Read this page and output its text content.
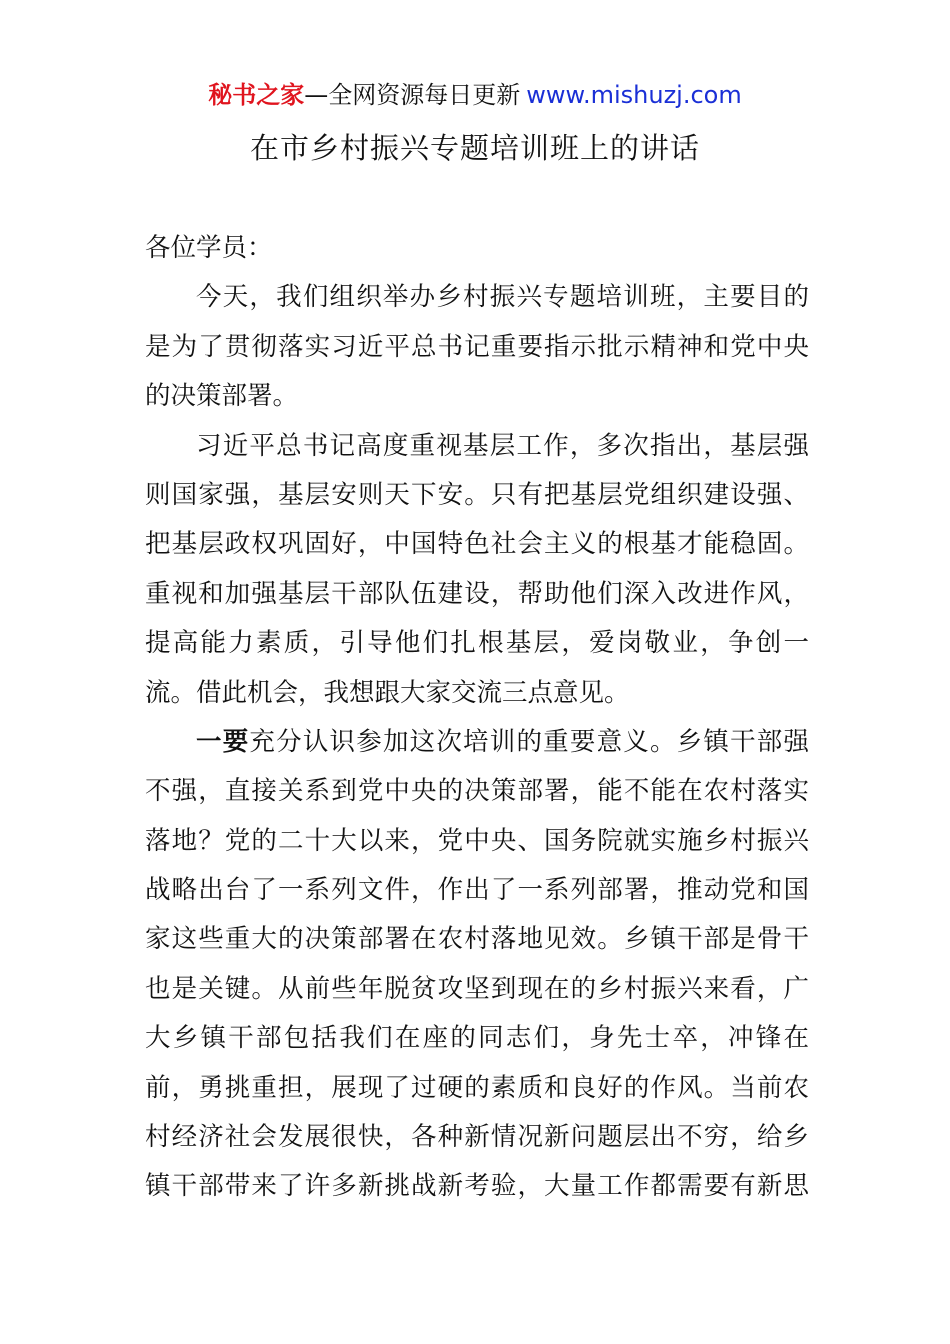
秘书之家—全网资源每日更新 www.mishuzj.com
在市乡村振兴专题培训班上的讲话
各位学员：
今天，我们组织举办乡村振兴专题培训班，主要目的
是为了贯彻落实习近平总书记重要指示批示精神和党中央
的决策部署。
习近平总书记高度重视基层工作，多次指出，基层强
则国家强，基层安则天下安。只有把基层党组织建设强、
把基层政权巩固好，中国特色社会主义的根基才能稳固。
重视和加强基层干部队伍建设，帮助他们深入改进作风，
提高能力素质，引导他们扎根基层，爱岗敬业，争创一
流。借此机会，我想跟大家交流三点意见。
一要充分认识参加这次培训的重要意义。乡镇干部强
不强，直接关系到党中央的决策部署，能不能在农村落实
落地？党的二十大以来，党中央、国务院就实施乡村振兴
战略出台了一系列文件，作出了一系列部署，推动党和国
家这些重大的决策部署在农村落地见效。乡镇干部是骨干
也是关键。从前些年脱贫攻坚到现在的乡村振兴来看，广
大乡镇干部包括我们在座的同志们，身先士卒，冲锋在
前，勇挑重担，展现了过硬的素质和良好的作风。当前农
村经济社会发展很快，各种新情况新问题层出不穷，给乡
镇干部带来了许多新挑战新考验，大量工作都需要有新思
